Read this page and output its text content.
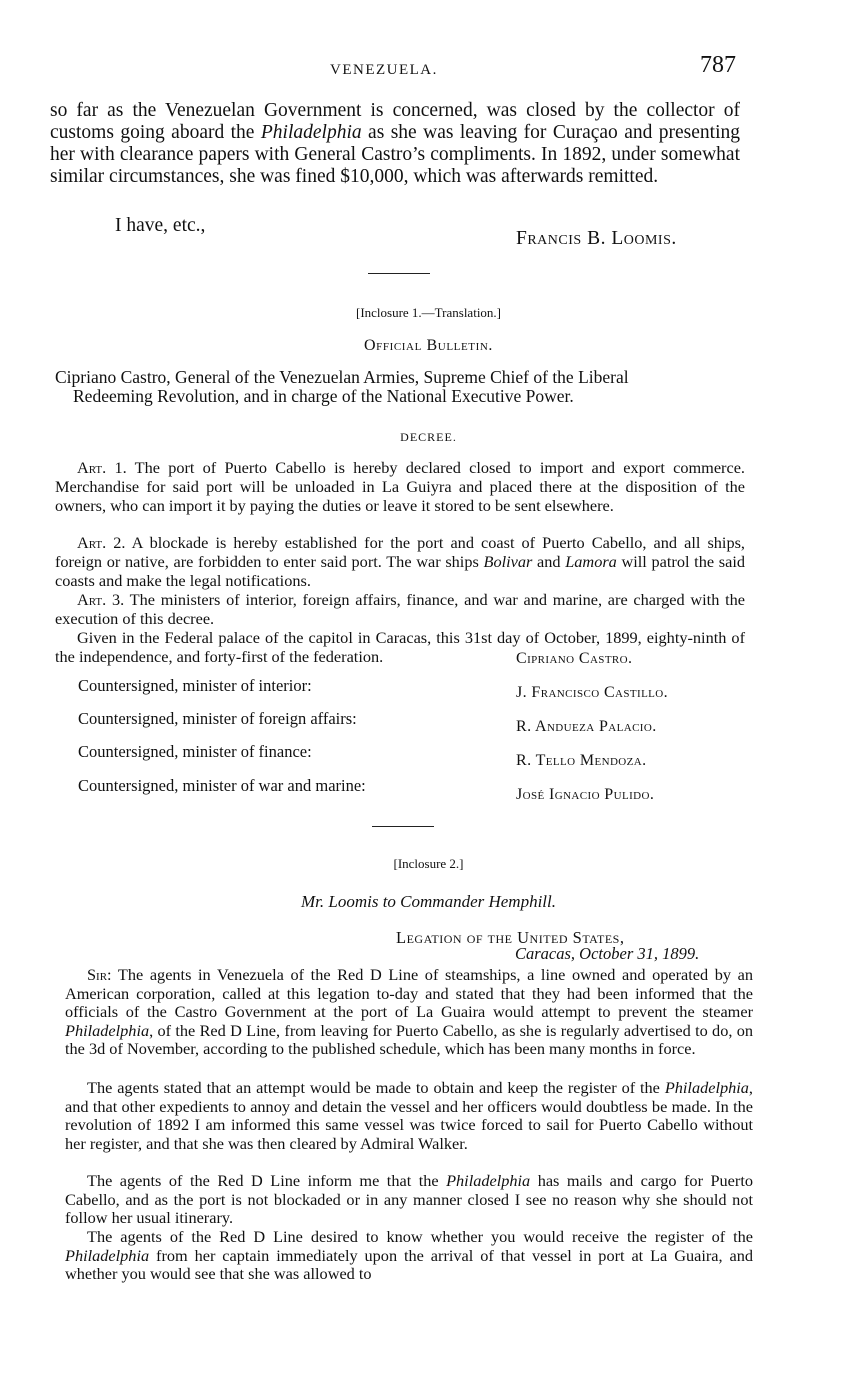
VENEZUELA.	787

so far as the Venezuelan Government is concerned, was closed by the collector of customs going aboard the Philadelphia as she was leaving for Curaçao and presenting her with clearance papers with General Castro’s compliments. In 1892, under somewhat similar circumstances, she was fined $10,000, which was afterwards remitted.

I have, etc.,
Francis B. Loomis.
[Inclosure 1.—Translation.]
Official Bulletin.

Cipriano Castro, General of the Venezuelan Armies, Supreme Chief of the Liberal
Redeeming Revolution, and in charge of the National Executive Power.

DECREE.

Art. 1. The port of Puerto Cabello is hereby declared closed to import and export commerce. Merchandise for said port will be unloaded in La Guiyra and placed there at the disposition of the owners, who can import it by paying the duties or leave it stored to be sent elsewhere.

Art. 2. A blockade is hereby established for the port and coast of Puerto Cabello, and all ships, foreign or native, are forbidden to enter said port. The war ships Bolivar and Lamora will patrol the said coasts and make the legal notifications.

Art. 3. The ministers of interior, foreign affairs, finance, and war and marine, are charged with the execution of this decree.

Given in the Federal palace of the capitol in Caracas, this 31st day of October, 1899, eighty-ninth of the independence, and forty-first of the federation.	Cipriano Castro.
Countersigned, minister of interior:	J. Francisco Castillo.
Countersigned, minister of foreign affairs:	R. Andueza Palacio.
Countersigned, minister of finance:	R. Tello Mendoza.
Countersigned, minister of war and marine:	José Ignacio Pulido.
[Inclosure 2.]
Mr. Loomis to Commander Hemphill.
Legation of the United States,
Caracas, October 31, 1899.

Sir: The agents in Venezuela of the Red D Line of steamships, a line owned and operated by an American corporation, called at this legation to-day and stated that they had been informed that the officials of the Castro Government at the port of La Guaira would attempt to prevent the steamer Philadelphia, of the Red D Line, from leaving for Puerto Cabello, as she is regularly advertised to do, on the 3d of November, according to the published schedule, which has been many months in force.

The agents stated that an attempt would be made to obtain and keep the register of the Philadelphia, and that other expedients to annoy and detain the vessel and her officers would doubtless be made. In the revolution of 1892 I am informed this same vessel was twice forced to sail for Puerto Cabello without her register, and that she was then cleared by Admiral Walker.

The agents of the Red D Line inform me that the Philadelphia has mails and cargo for Puerto Cabello, and as the port is not blockaded or in any manner closed I see no reason why she should not follow her usual itinerary.

The agents of the Red D Line desired to know whether you would receive the register of the Philadelphia from her captain immediately upon the arrival of that vessel in port at La Guaira, and whether you would see that she was allowed to
